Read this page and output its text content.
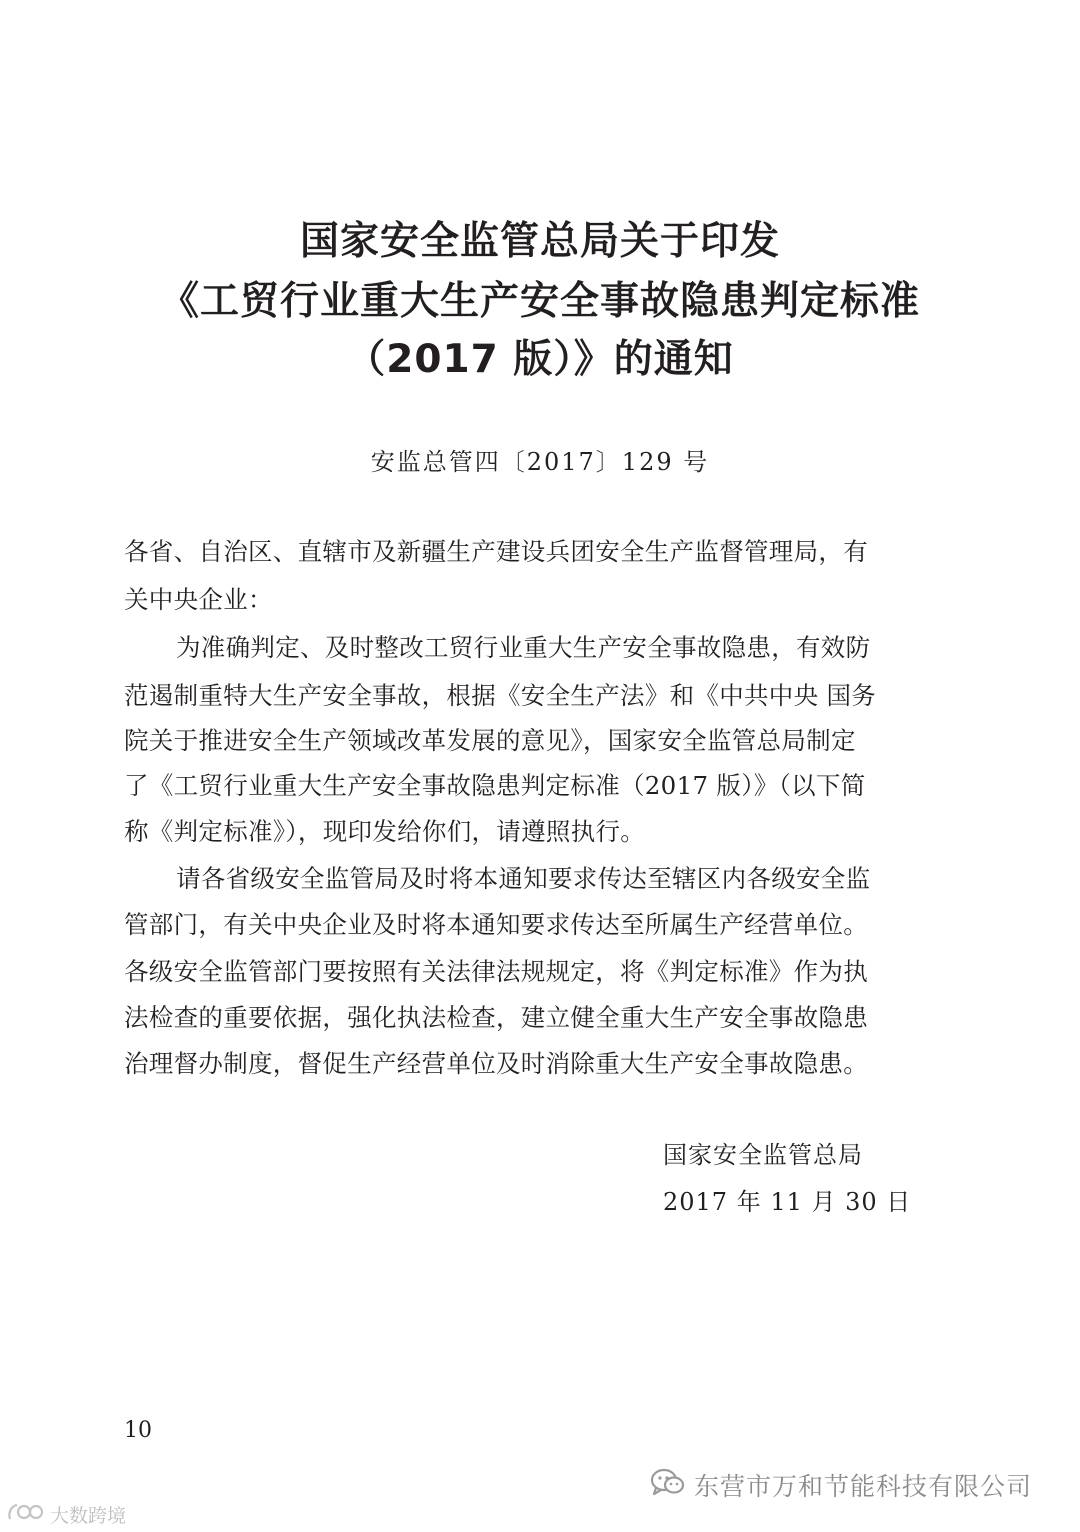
国家安全监管总局关于印发
《工贸行业重大生产安全事故隐患判定标准
（2017 版）》的通知
安监总管四〔2017〕129 号
各省、自治区、直辖市及新疆生产建设兵团安全生产监督管理局，有
关中央企业：
为准确判定、及时整改工贸行业重大生产安全事故隐患，有效防
范遏制重特大生产安全事故，根据《安全生产法》和《中共中央 国务
院关于推进安全生产领域改革发展的意见》，国家安全监管总局制定
了《工贸行业重大生产安全事故隐患判定标准（2017 版）》（以下简
称《判定标准》），现印发给你们，请遵照执行。
请各省级安全监管局及时将本通知要求传达至辖区内各级安全监
管部门，有关中央企业及时将本通知要求传达至所属生产经营单位。
各级安全监管部门要按照有关法律法规规定，将《判定标准》作为执
法检查的重要依据，强化执法检查，建立健全重大生产安全事故隐患
治理督办制度，督促生产经营单位及时消除重大生产安全事故隐患。
国家安全监管总局
2017 年 11 月 30 日
10
东营市万和节能科技有限公司
大数跨境
